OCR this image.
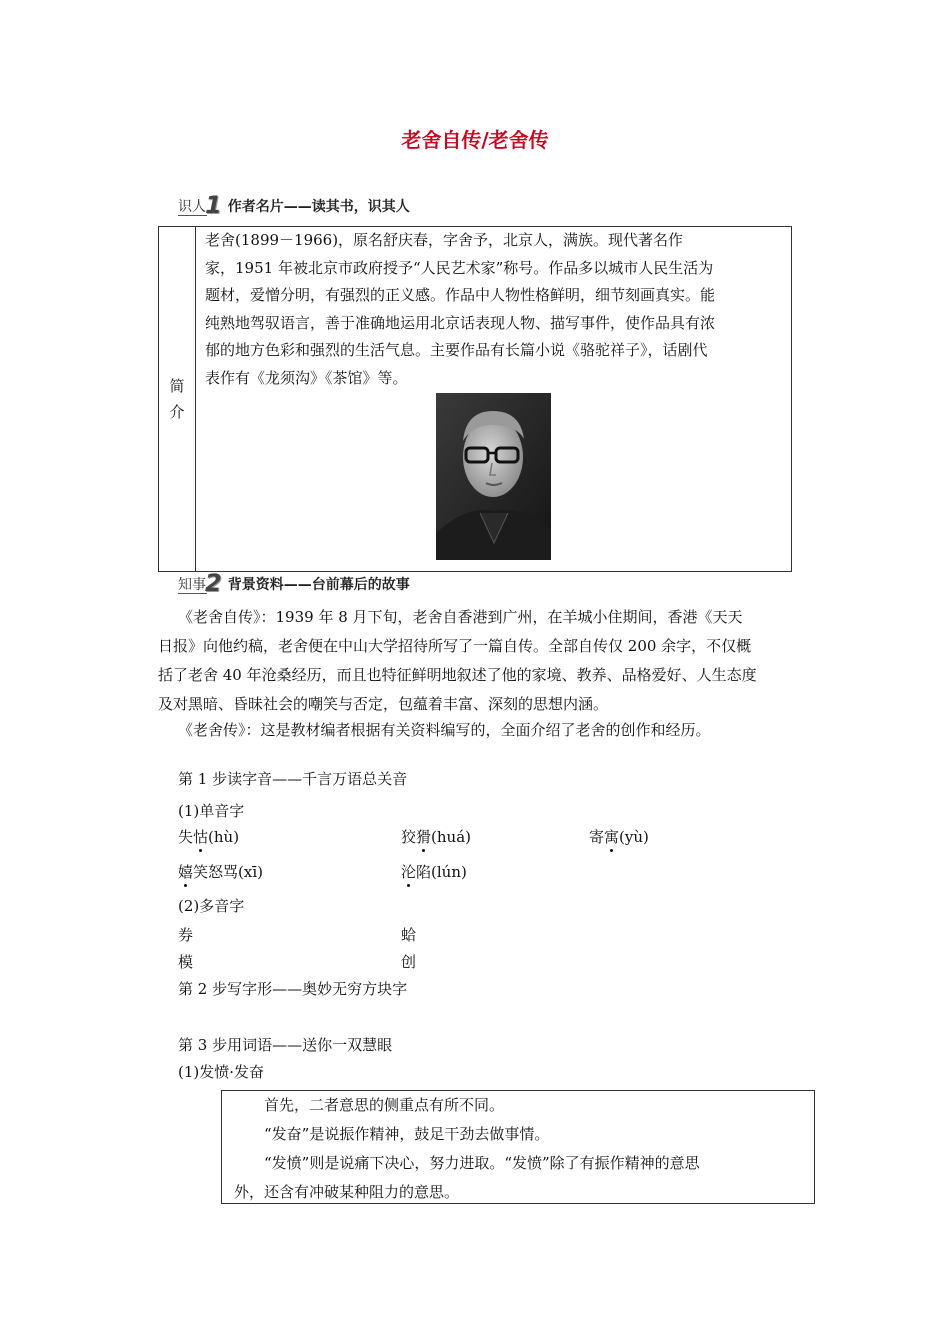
老舍自传/老舍传
识人 1 作者名片——读其书，识其人
简
介
老舍(1899－1966)，原名舒庆春，字舍予，北京人，满族。现代著名作
家，1951 年被北京市政府授予“人民艺术家”称号。作品多以城市人民生活为
题材，爱憎分明，有强烈的正义感。作品中人物性格鲜明，细节刻画真实。能
纯熟地驾驭语言，善于准确地运用北京话表现人物、描写事件，使作品具有浓
郁的地方色彩和强烈的生活气息。主要作品有长篇小说《骆驼祥子》，话剧代
表作有《龙须沟》《茶馆》等。
知事 2 背景资料——台前幕后的故事
《老舍自传》：1939 年 8 月下旬，老舍自香港到广州，在羊城小住期间，香港《天天
日报》向他约稿，老舍便在中山大学招待所写了一篇自传。全部自传仅 200 余字，不仅概
括了老舍 40 年沧桑经历，而且也特征鲜明地叙述了他的家境、教养、品格爱好、人生态度
及对黑暗、昏昧社会的嘲笑与否定，包蕴着丰富、深刻的思想内涵。
《老舍传》：这是教材编者根据有关资料编写的，全面介绍了老舍的创作和经历。
第 1 步读字音——千言万语总关音
(1)单音字
失怙(hù)	狡猾(huá)	寄寓(yù)
嬉笑怒骂(xī)	沦陷(lún)
(2)多音字
券	蛤
模	创
第 2 步写字形——奥妙无穷方块字
第 3 步用词语——送你一双慧眼
(1)发愤·发奋
首先，二者意思的侧重点有所不同。
“发奋”是说振作精神，鼓足干劲去做事情。
“发愤”则是说痛下决心，努力进取。“发愤”除了有振作精神的意思
外，还含有冲破某种阻力的意思。
